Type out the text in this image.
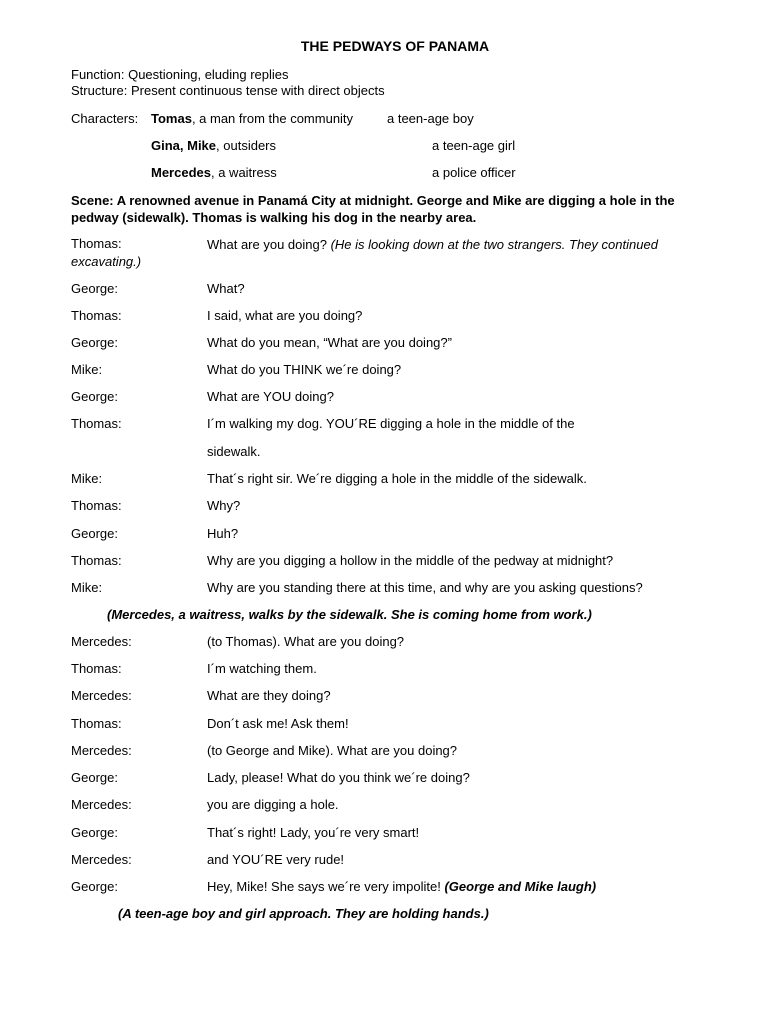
THE PEDWAYS OF PANAMA
Function: Questioning, eluding replies
Structure: Present continuous tense with direct objects
Characters: Tomas, a man from the community	a teen-age boy
Gina, Mike, outsiders	a teen-age girl
Mercedes, a waitress	a police officer
Scene: A renowned avenue in Panamá City at midnight. George and Mike are digging a hole in the pedway (sidewalk). Thomas is walking his dog in the nearby area.
Thomas:	What are you doing? (He is looking down at the two strangers. They continued excavating.)
George:	What?
Thomas:	I said, what are you doing?
George:	What do you mean, “What are you doing?”
Mike:	What do you THINK we´re doing?
George:	What are YOU doing?
Thomas:	I´m walking my dog. YOU´RE digging a hole in the middle of the
sidewalk.
Mike:	That´s right sir. We´re digging a hole in the middle of the sidewalk.
Thomas:	Why?
George:	Huh?
Thomas:	Why are you digging a hollow in the middle of the pedway at midnight?
Mike:	Why are you standing there at this time, and why are you asking questions?
(Mercedes, a waitress, walks by the sidewalk. She is coming home from work.)
Mercedes:	(to Thomas). What are you doing?
Thomas:	I´m watching them.
Mercedes:	What are they doing?
Thomas:	Don´t ask me! Ask them!
Mercedes:	(to George and Mike). What are you doing?
George:	Lady, please! What do you think we´re doing?
Mercedes:	you are digging a hole.
George:	That´s right! Lady, you´re very smart!
Mercedes:	and YOU´RE very rude!
George:	Hey, Mike! She says we´re very impolite! (George and Mike laugh)
(A teen-age boy and girl approach. They are holding hands.)
